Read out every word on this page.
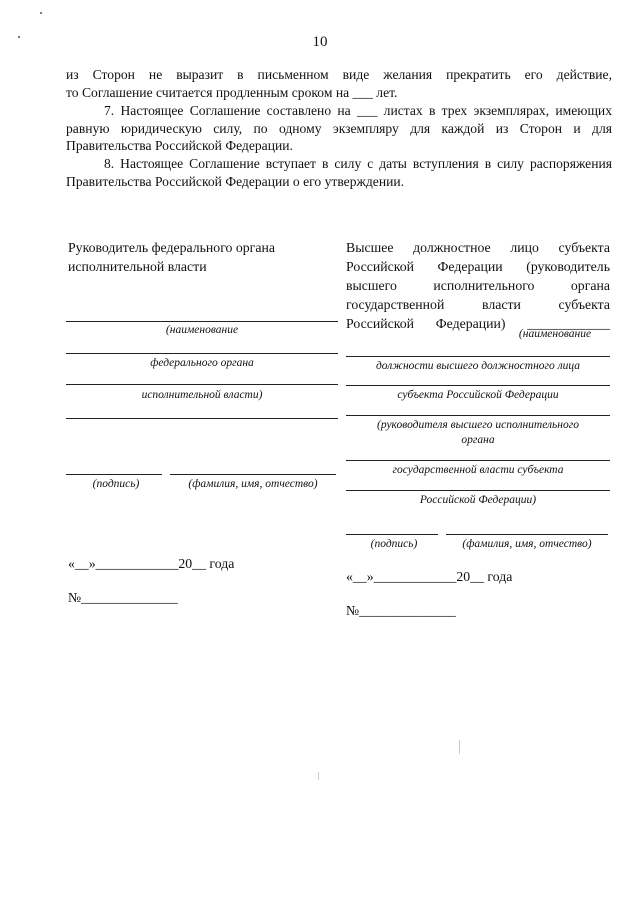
10
из Сторон не выразит в письменном виде желания прекратить его действие,
то Соглашение считается продленным сроком на ___ лет.
7. Настоящее Соглашение составлено на ___ листах в трех экземплярах, имеющих равную юридическую силу, по одному экземпляру для каждой из Сторон и для Правительства Российской Федерации.
8. Настоящее Соглашение вступает в силу с даты вступления в силу распоряжения Правительства Российской Федерации о его утверждении.
Руководитель федерального органа
исполнительной власти
(наименование
федерального органа
исполнительной власти)
(подпись)	(фамилия, имя, отчество)
«__»____________20__ года
№______________
Высшее должностное лицо субъекта
Российской Федерации (руководитель
высшего исполнительного органа
государственной власти субъекта
Российской Федерации) ____________
(наименование
должности высшего должностного лица
субъекта Российской Федерации
(руководителя высшего исполнительного
органа
государственной власти субъекта
Российской Федерации)
(подпись)	(фамилия, имя, отчество)
«__»____________20__ года
№______________
